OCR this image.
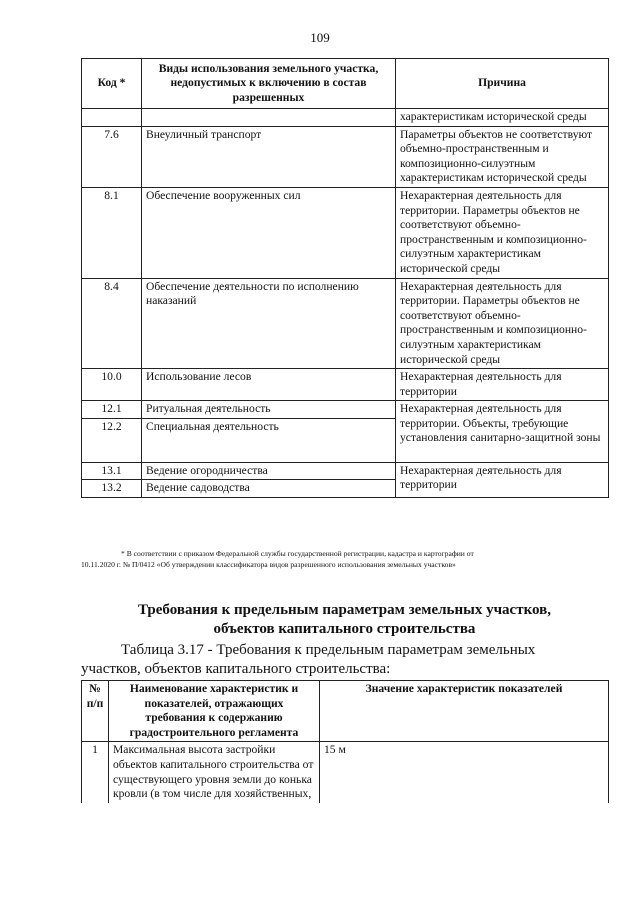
109
Код *	Виды использования земельного участка, недопустимых к включению в состав разрешенных	Причина
		характеристикам исторической среды
7.6	Внеуличный транспорт	Параметры объектов не соответствуют объемно-пространственным и композиционно-силуэтным характеристикам исторической среды
8.1	Обеспечение вооруженных сил	Нехарактерная деятельность для территории. Параметры объектов не соответствуют объемно-пространственным и композиционно-силуэтным характеристикам исторической среды
8.4	Обеспечение деятельности по исполнению наказаний	Нехарактерная деятельность для территории. Параметры объектов не соответствуют объемно-пространственным и композиционно-силуэтным характеристикам исторической среды
10.0	Использование лесов	Нехарактерная деятельность для территории
12.1	Ритуальная деятельность	Нехарактерная деятельность для территории. Объекты, требующие установления санитарно-защитной зоны
12.2	Специальная деятельность	
13.1	Ведение огородничества	Нехарактерная деятельность для территории
13.2	Ведение садоводства	

* В соответствии с приказом Федеральной службы государственной регистрации, кадастра и картографии от

10.11.2020 г. № П/0412 «Об утверждении классификатора видов разрешенного использования земельных участков»

Требования к предельным параметрам земельных участков,
объектов капитального строительства
Таблица 3.17 - Требования к предельным параметрам земельных
участков, объектов капитального строительства:
№ п/п	Наименование характеристик и показателей, отражающих требования к содержанию градостроительного регламента	Значение характеристик показателей
1	Максимальная высота застройки объектов капитального строительства от существующего уровня земли до конька кровли (в том числе для хозяйственных,	15 м
